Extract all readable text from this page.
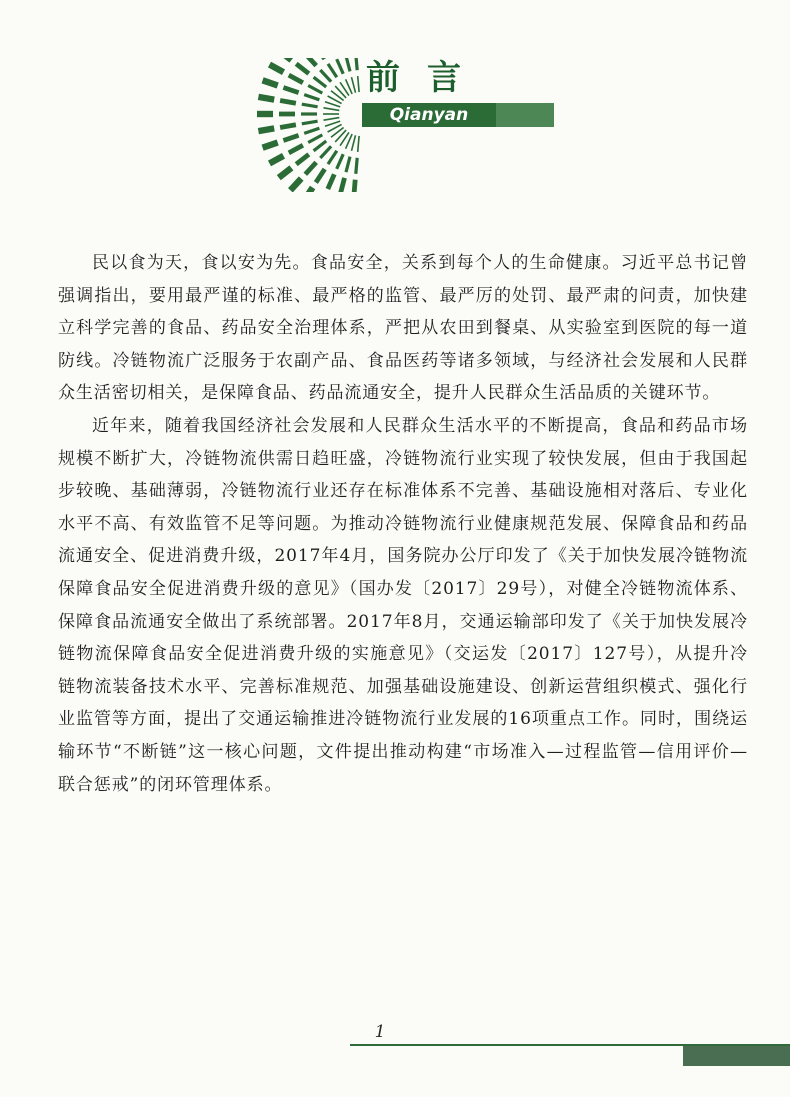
前言
Qianyan

民以食为天，食以安为先。食品安全，关系到每个人的生命健康。习近平总书记曾强调指出，要用最严谨的标准、最严格的监管、最严厉的处罚、最严肃的问责，加快建立科学完善的食品、药品安全治理体系，严把从农田到餐桌、从实验室到医院的每一道防线。冷链物流广泛服务于农副产品、食品医药等诸多领域，与经济社会发展和人民群众生活密切相关，是保障食品、药品流通安全，提升人民群众生活品质的关键环节。

近年来，随着我国经济社会发展和人民群众生活水平的不断提高，食品和药品市场规模不断扩大，冷链物流供需日趋旺盛，冷链物流行业实现了较快发展，但由于我国起步较晚、基础薄弱，冷链物流行业还存在标准体系不完善、基础设施相对落后、专业化水平不高、有效监管不足等问题。为推动冷链物流行业健康规范发展、保障食品和药品流通安全、促进消费升级，2017年4月，国务院办公厅印发了《关于加快发展冷链物流保障食品安全促进消费升级的意见》（国办发〔2017〕29号），对健全冷链物流体系、保障食品流通安全做出了系统部署。2017年8月，交通运输部印发了《关于加快发展冷链物流保障食品安全促进消费升级的实施意见》（交运发〔2017〕127号），从提升冷链物流装备技术水平、完善标准规范、加强基础设施建设、创新运营组织模式、强化行业监管等方面，提出了交通运输推进冷链物流行业发展的16项重点工作。同时，围绕运输环节“不断链”这一核心问题，文件提出推动构建“市场准入—过程监管—信用评价—联合惩戒”的闭环管理体系。

1
